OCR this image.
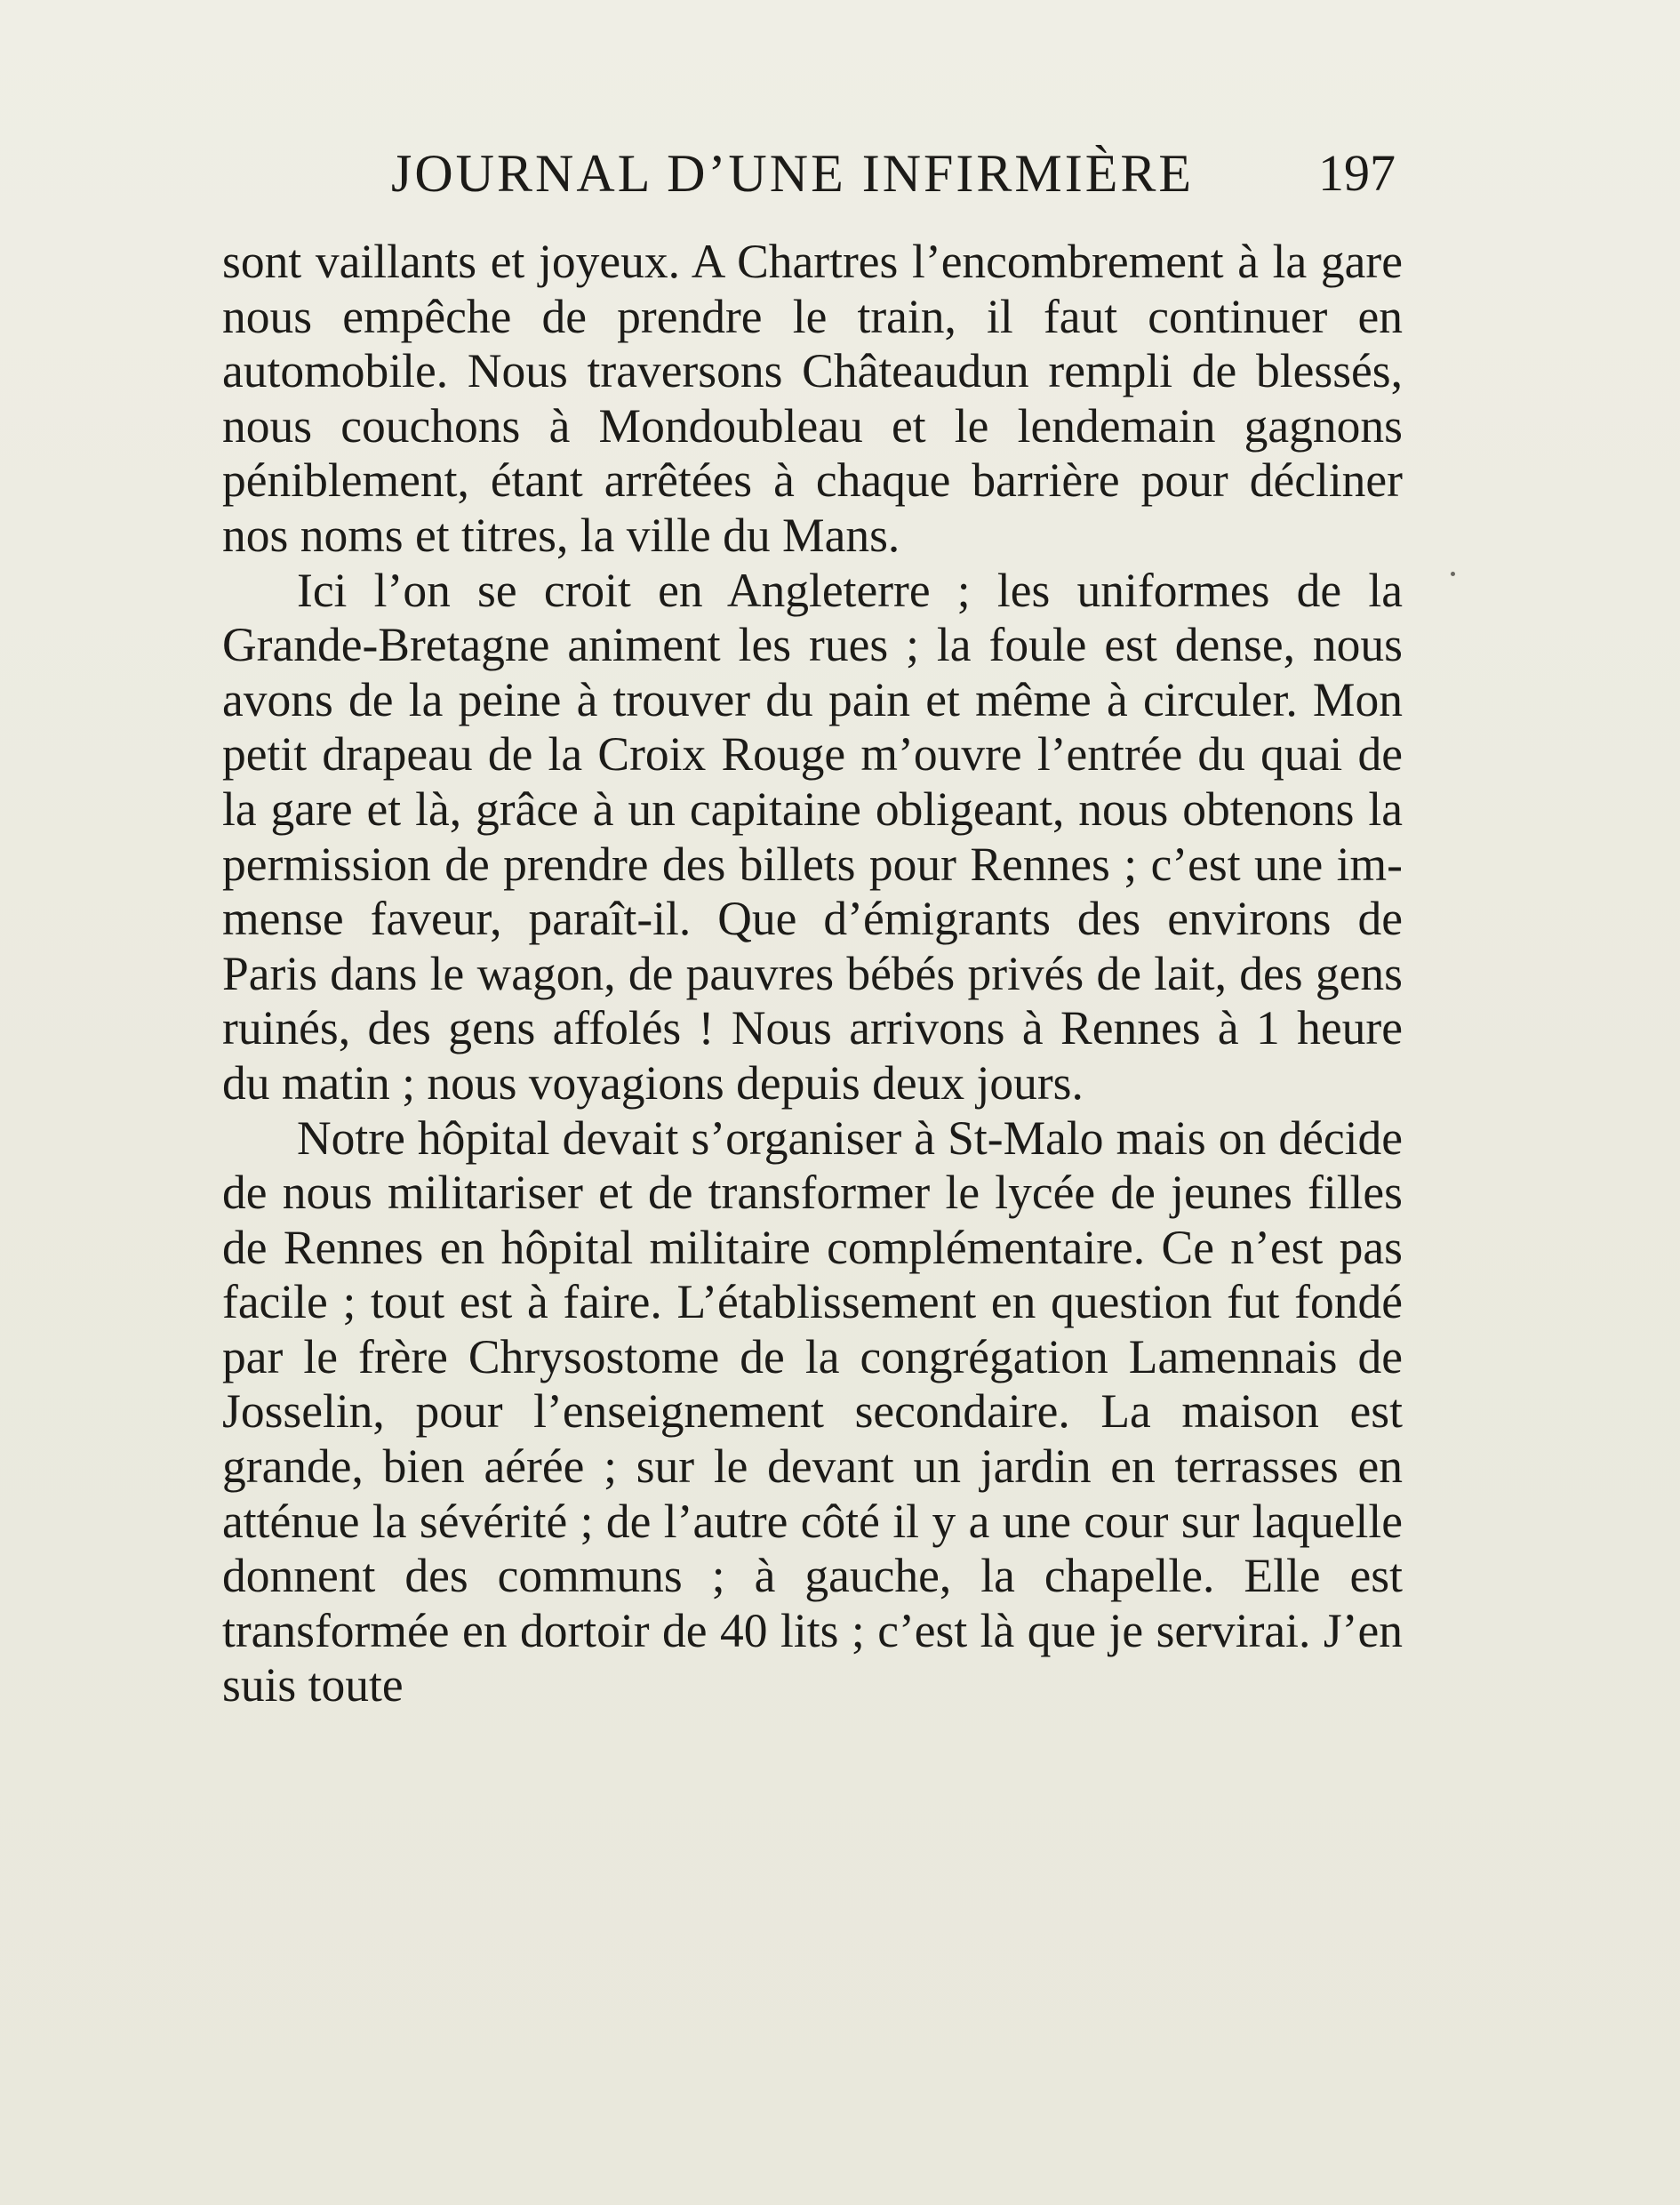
JOURNAL D’UNE INFIRMIÈRE 197

sont vaillants et joyeux. A Chartres l’encombrement à la gare nous empêche de prendre le train, il faut continuer en automobile. Nous traversons Châteaudun rempli de blessés, nous couchons à Mondoubleau et le lendemain gagnons péniblement, étant arrêtées à chaque barrière pour décliner nos noms et titres, la ville du Mans.

Ici l’on se croit en Angleterre ; les uniformes de la Grande-Bretagne animent les rues ; la foule est dense, nous avons de la peine à trouver du pain et même à circuler. Mon petit drapeau de la Croix Rouge m’ouvre l’entrée du quai de la gare et là, grâce à un capitaine obligeant, nous obtenons la permission de prendre des billets pour Rennes ; c’est une immense faveur, paraît-il. Que d’émigrants des environs de Paris dans le wagon, de pauvres bébés privés de lait, des gens ruinés, des gens affolés ! Nous arrivons à Rennes à 1 heure du matin ; nous voyagions depuis deux jours.

Notre hôpital devait s’organiser à St-Malo mais on décide de nous militariser et de transformer le lycée de jeunes filles de Rennes en hôpital militaire complémentaire. Ce n’est pas facile ; tout est à faire. L’établissement en question fut fondé par le frère Chrysostome de la congrégation Lamennais de Josselin, pour l’enseignement secondaire. La maison est grande, bien aérée ; sur le devant un jardin en terrasses en atténue la sévérité ; de l’autre côté il y a une cour sur laquelle donnent des communs ; à gauche, la chapelle. Elle est transformée en dortoir de 40 lits ; c’est là que je servirai. J’en suis toute
